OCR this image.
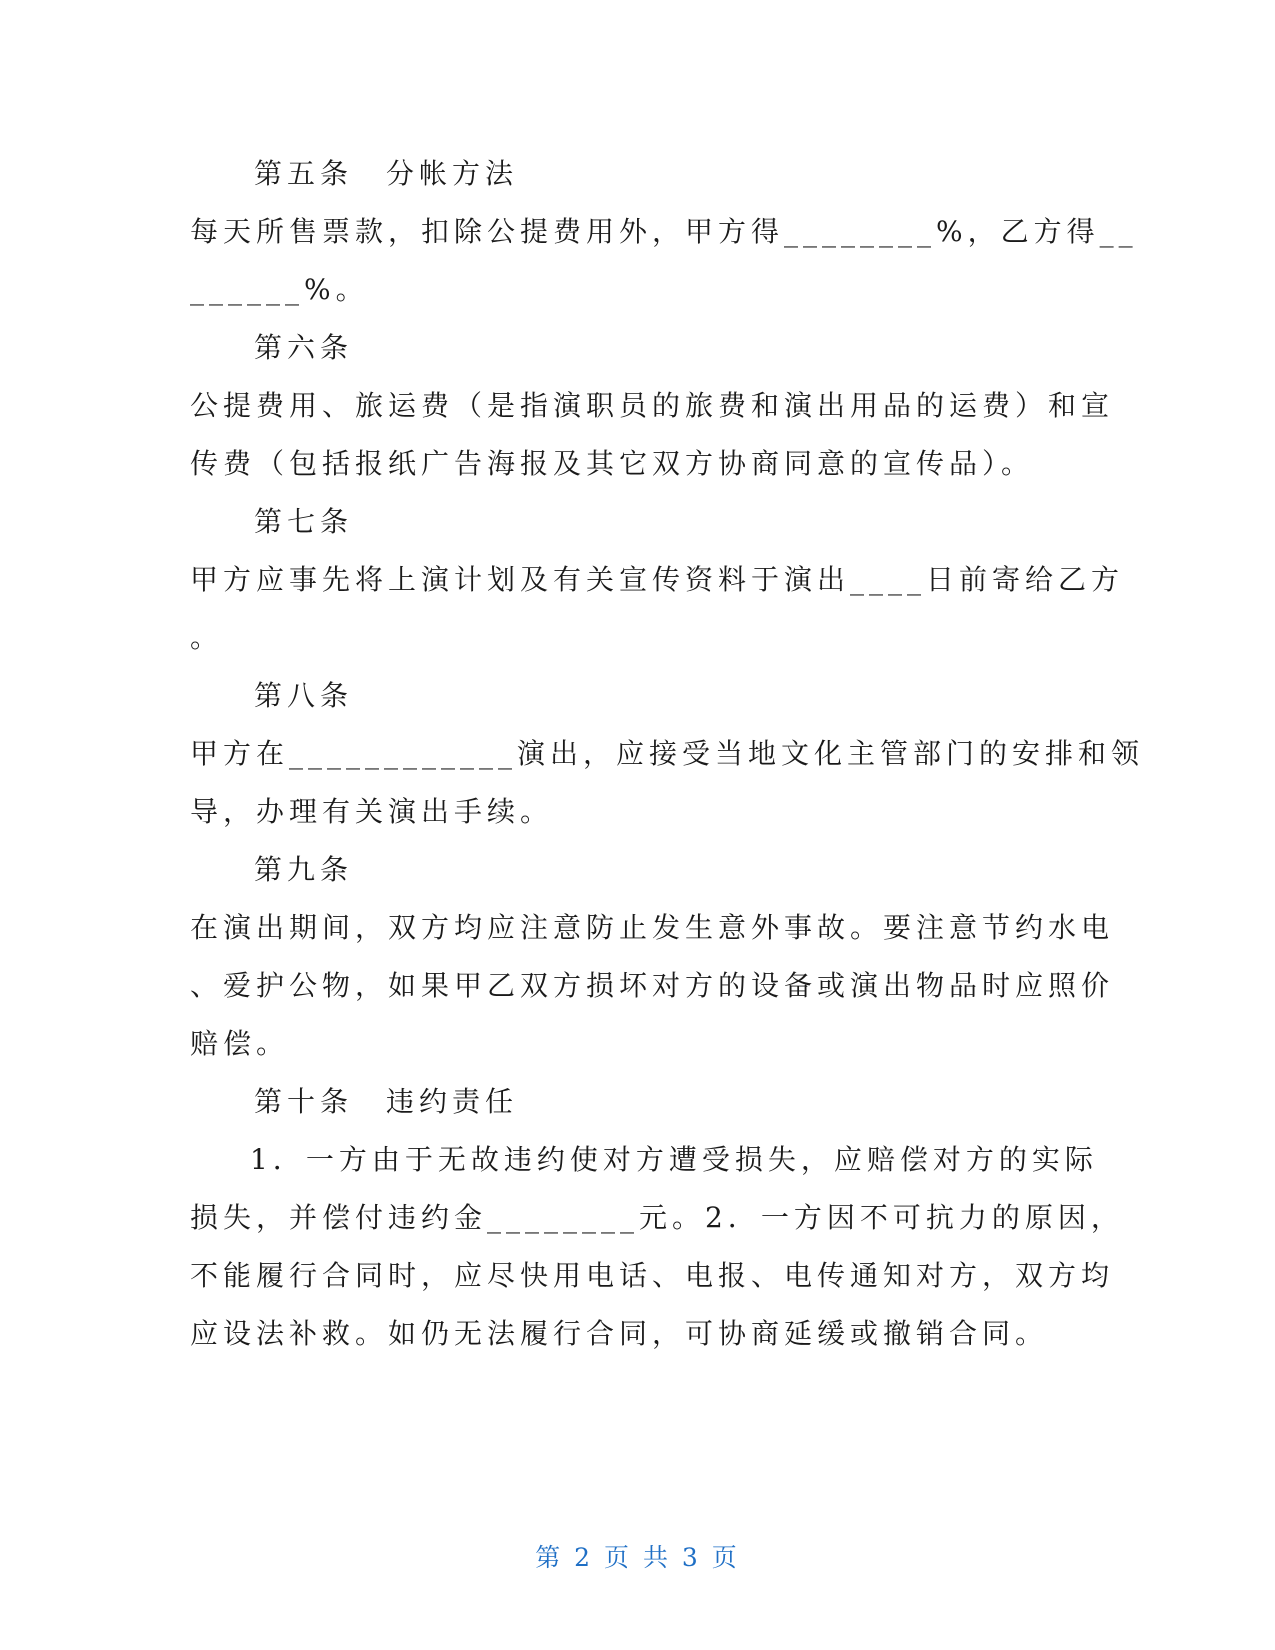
第五条　分帐方法
每天所售票款，扣除公提费用外，甲方得________%，乙方得__
______%。
第六条
公提费用、旅运费（是指演职员的旅费和演出用品的运费）和宣
传费（包括报纸广告海报及其它双方协商同意的宣传品）。
第七条
甲方应事先将上演计划及有关宣传资料于演出____日前寄给乙方
。
第八条
甲方在____________演出，应接受当地文化主管部门的安排和领
导，办理有关演出手续。
第九条
在演出期间，双方均应注意防止发生意外事故。要注意节约水电
、爱护公物，如果甲乙双方损坏对方的设备或演出物品时应照价
赔偿。
第十条　违约责任
1．一方由于无故违约使对方遭受损失，应赔偿对方的实际
损失，并偿付违约金________元。2．一方因不可抗力的原因，
不能履行合同时，应尽快用电话、电报、电传通知对方，双方均
应设法补救。如仍无法履行合同，可协商延缓或撤销合同。
第 2 页 共 3 页
